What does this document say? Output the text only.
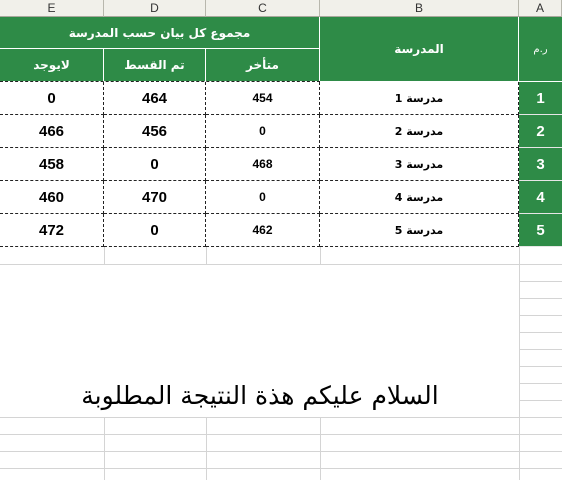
E	D	C	B	A
مجموع كل بيان حسب المدرسة
لايوجد	تم القسط	متأخر
المدرسة	ر.م
0	464	454	مدرسة 1	1
466	456	0	مدرسة 2	2
458	0	468	مدرسة 3	3
460	470	0	مدرسة 4	4
472	0	462	مدرسة 5	5
السلام عليكم هذة النتيجة المطلوبة
